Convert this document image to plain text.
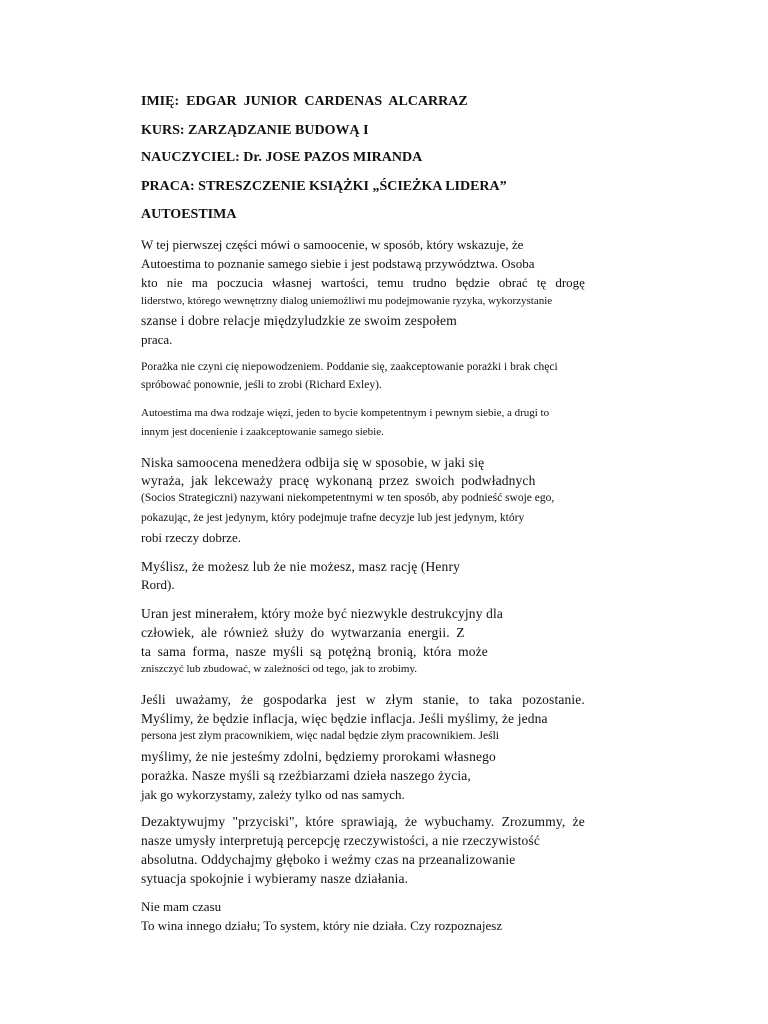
IMIĘ:  EDGAR  JUNIOR  CARDENAS  ALCARRAZ
KURS: ZARZĄDZANIE BUDOWĄ I
NAUCZYCIEL: Dr. JOSE PAZOS MIRANDA
PRACA: STRESZCZENIE KSIĄŻKI „ŚCIEŻKA LIDERA”
AUTOESTIMA
W tej pierwszej części mówi o samoocenie, w sposób, który wskazuje, że
Autoestima to poznanie samego siebie i jest podstawą przywództwa. Osoba
kto nie ma poczucia własnej wartości, temu trudno będzie obrać tę drogę
liderstwo, którego wewnętrzny dialog uniemożliwi mu podejmowanie ryzyka, wykorzystanie
szanse i dobre relacje międzyludzkie ze swoim zespołem
praca.
Porażka nie czyni cię niepowodzeniem. Poddanie się, zaakceptowanie porażki i brak chęci
spróbować ponownie, jeśli to zrobi (Richard Exley).
Autoestima ma dwa rodzaje więzi, jeden to bycie kompetentnym i pewnym siebie, a drugi to
innym jest docenienie i zaakceptowanie samego siebie.
Niska samoocena menedżera odbija się w sposobie, w jaki się
wyraża, jak lekceważy pracę wykonaną przez swoich podwładnych
(Socios Strategiczni) nazywani niekompetentnymi w ten sposób, aby podnieść swoje ego,
pokazując, że jest jedynym, który podejmuje trafne decyzje lub jest jedynym, który
robi rzeczy dobrze.
Myślisz, że możesz lub że nie możesz, masz rację (Henry
Rord).
Uran jest minerałem, który może być niezwykle destrukcyjny dla
człowiek, ale również służy do wytwarzania energii. Z
ta sama forma, nasze myśli są potężną bronią, która może
zniszczyć lub zbudować, w zależności od tego, jak to zrobimy.
Jeśli uważamy, że gospodarka jest w złym stanie, to taka pozostanie.
Myślimy, że będzie inflacja, więc będzie inflacja. Jeśli myślimy, że jedna
persona jest złym pracownikiem, więc nadal będzie złym pracownikiem. Jeśli
myślimy, że nie jesteśmy zdolni, będziemy prorokami własnego
porażka. Nasze myśli są rzeźbiarzami dzieła naszego życia,
jak go wykorzystamy, zależy tylko od nas samych.
Dezaktywujmy "przyciski", które sprawiają, że wybuchamy. Zrozummy, że
nasze umysły interpretują percepcję rzeczywistości, a nie rzeczywistość
absolutna. Oddychajmy głęboko i weźmy czas na przeanalizowanie
sytuacja spokojnie i wybieramy nasze działania.
Nie mam czasu
To wina innego działu; To system, który nie działa. Czy rozpoznajesz
